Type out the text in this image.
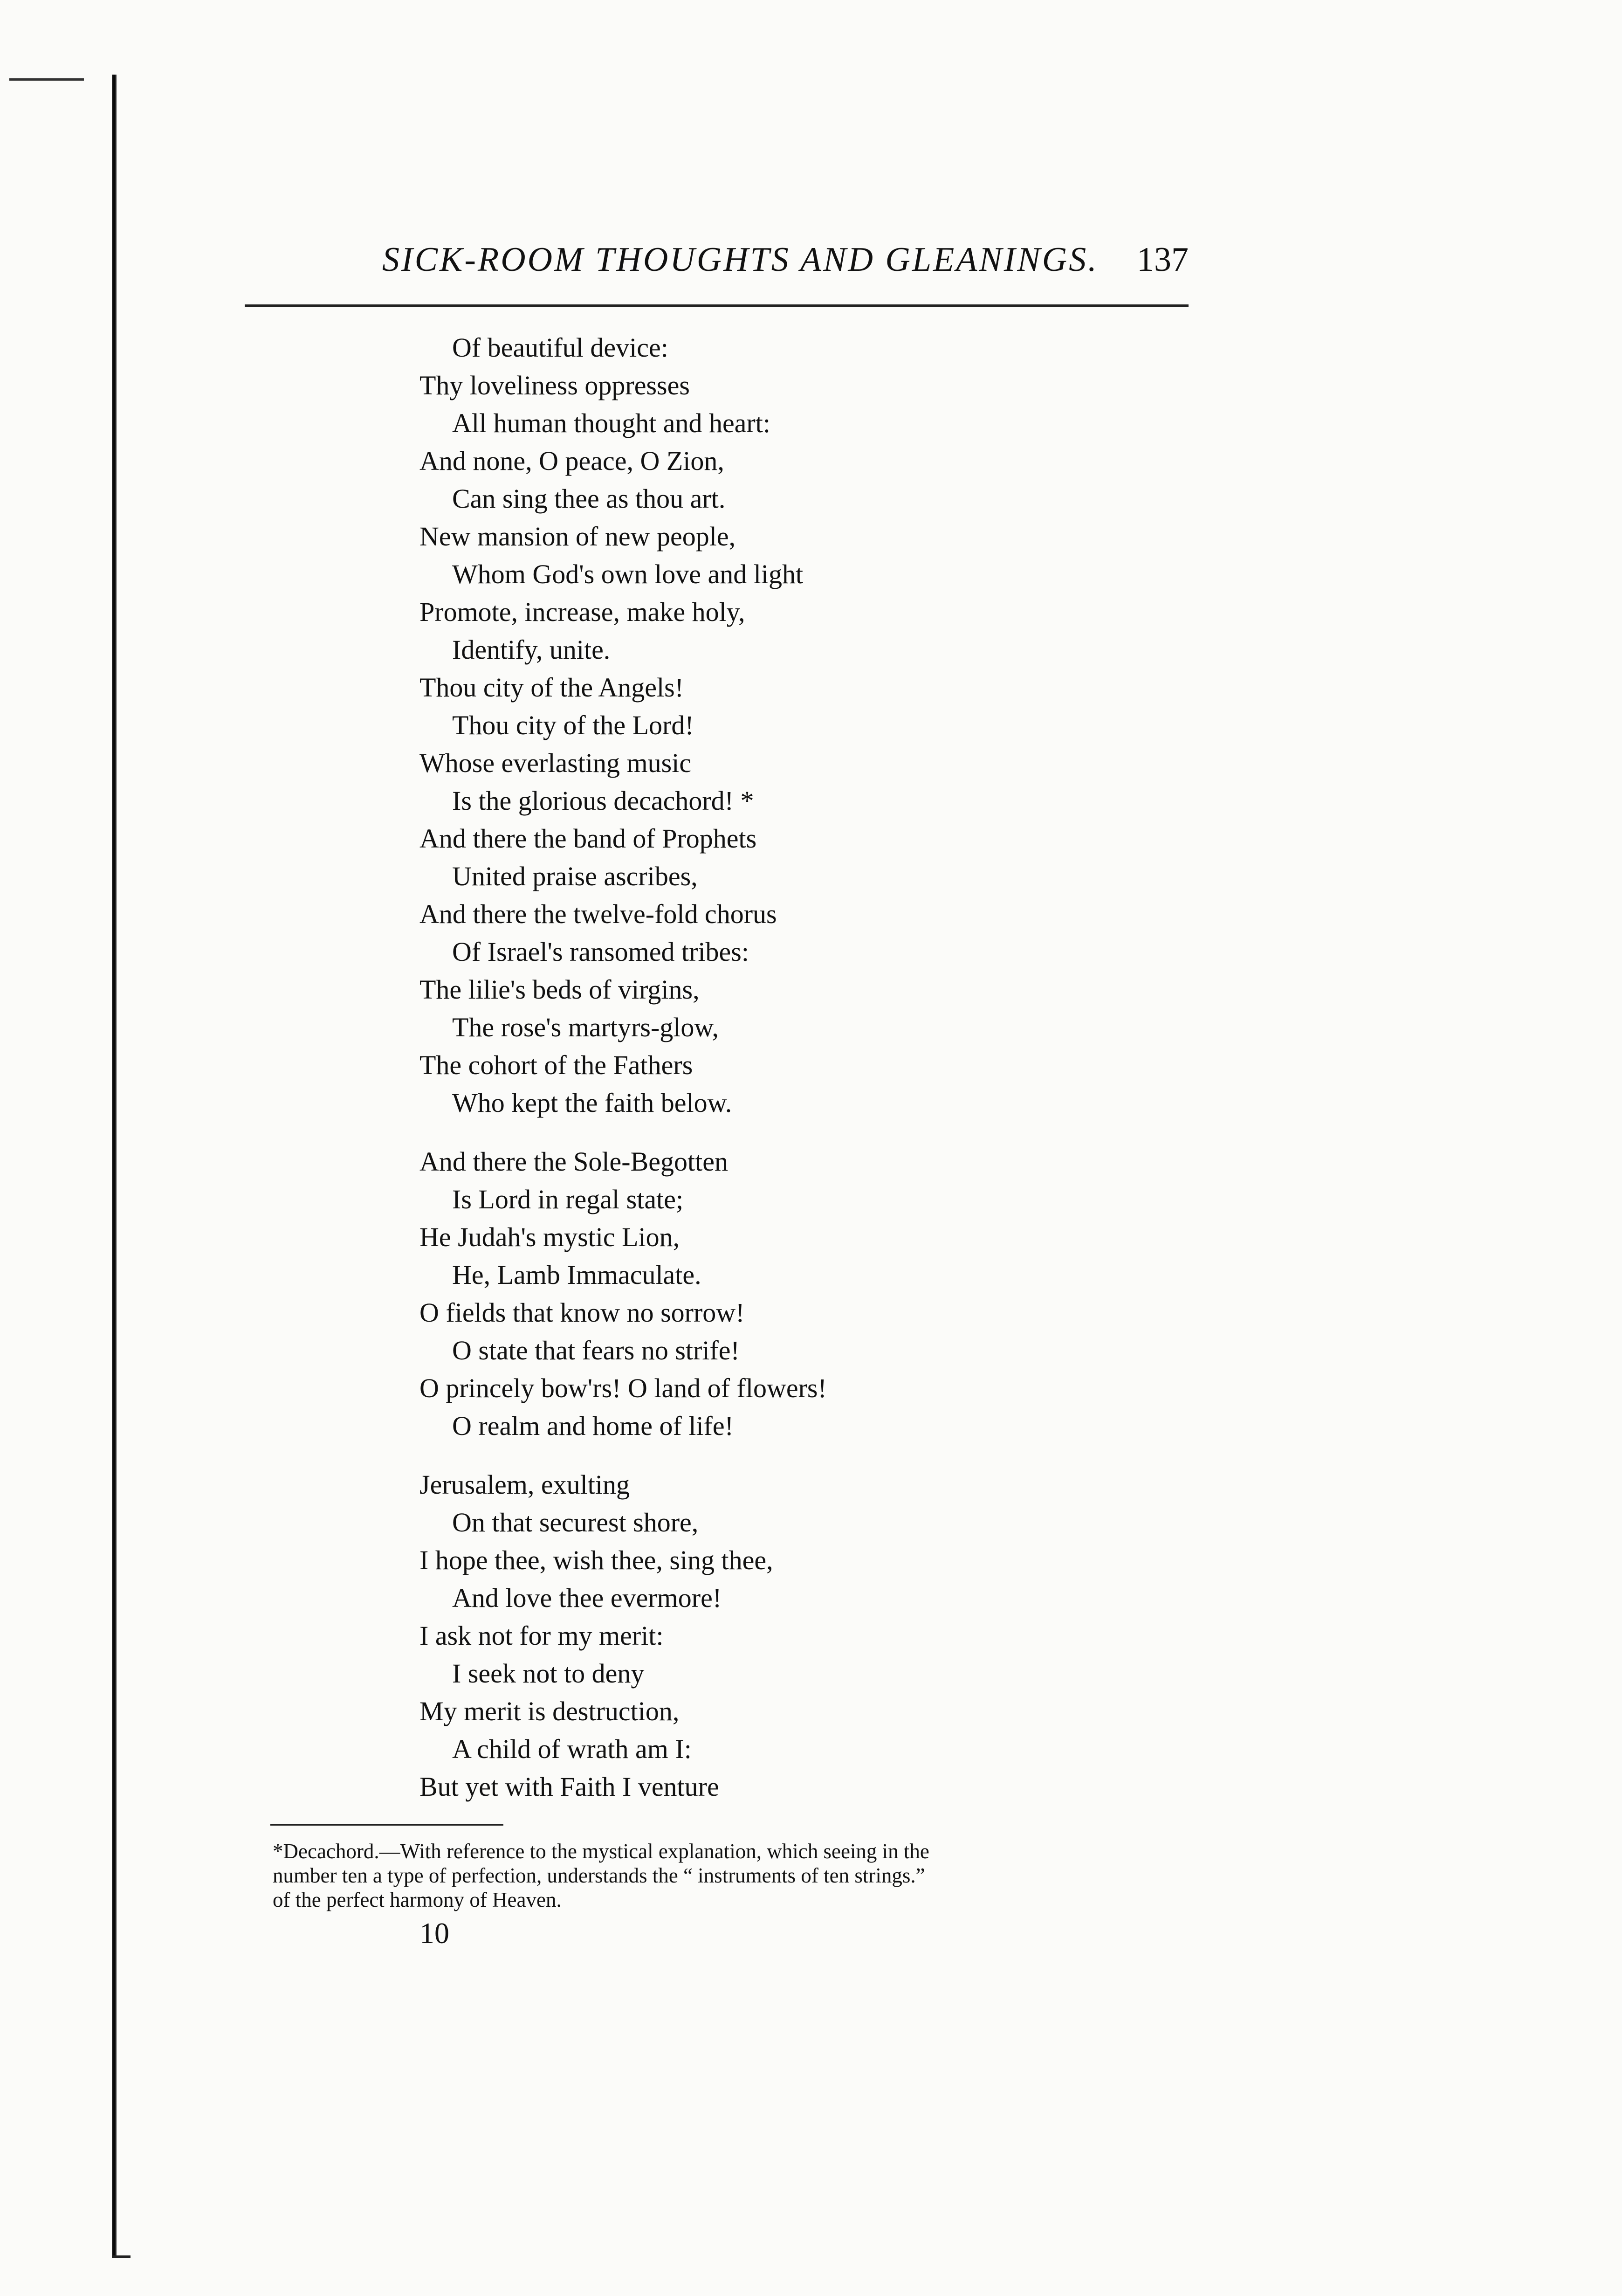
SICK-ROOM THOUGHTS AND GLEANINGS. 137
Of beautiful device:
Thy loveliness oppresses
All human thought and heart:
And none, O peace, O Zion,
Can sing thee as thou art.
New mansion of new people,
Whom God's own love and light
Promote, increase, make holy,
Identify, unite.
Thou city of the Angels!
Thou city of the Lord!
Whose everlasting music
Is the glorious decachord! *
And there the band of Prophets
United praise ascribes,
And there the twelve-fold chorus
Of Israel's ransomed tribes:
The lilie's beds of virgins,
The rose's martyrs-glow,
The cohort of the Fathers
Who kept the faith below.
And there the Sole-Begotten
Is Lord in regal state;
He Judah's mystic Lion,
He, Lamb Immaculate.
O fields that know no sorrow!
O state that fears no strife!
O princely bow'rs! O land of flowers!
O realm and home of life!
Jerusalem, exulting
On that securest shore,
I hope thee, wish thee, sing thee,
And love thee evermore!
I ask not for my merit:
I seek not to deny
My merit is destruction,
A child of wrath am I:
But yet with Faith I venture
*Decachord.—With reference to the mystical explanation, which seeing in the
number ten a type of perfection, understands the “ instruments of ten strings.”
of the perfect harmony of Heaven.
10
